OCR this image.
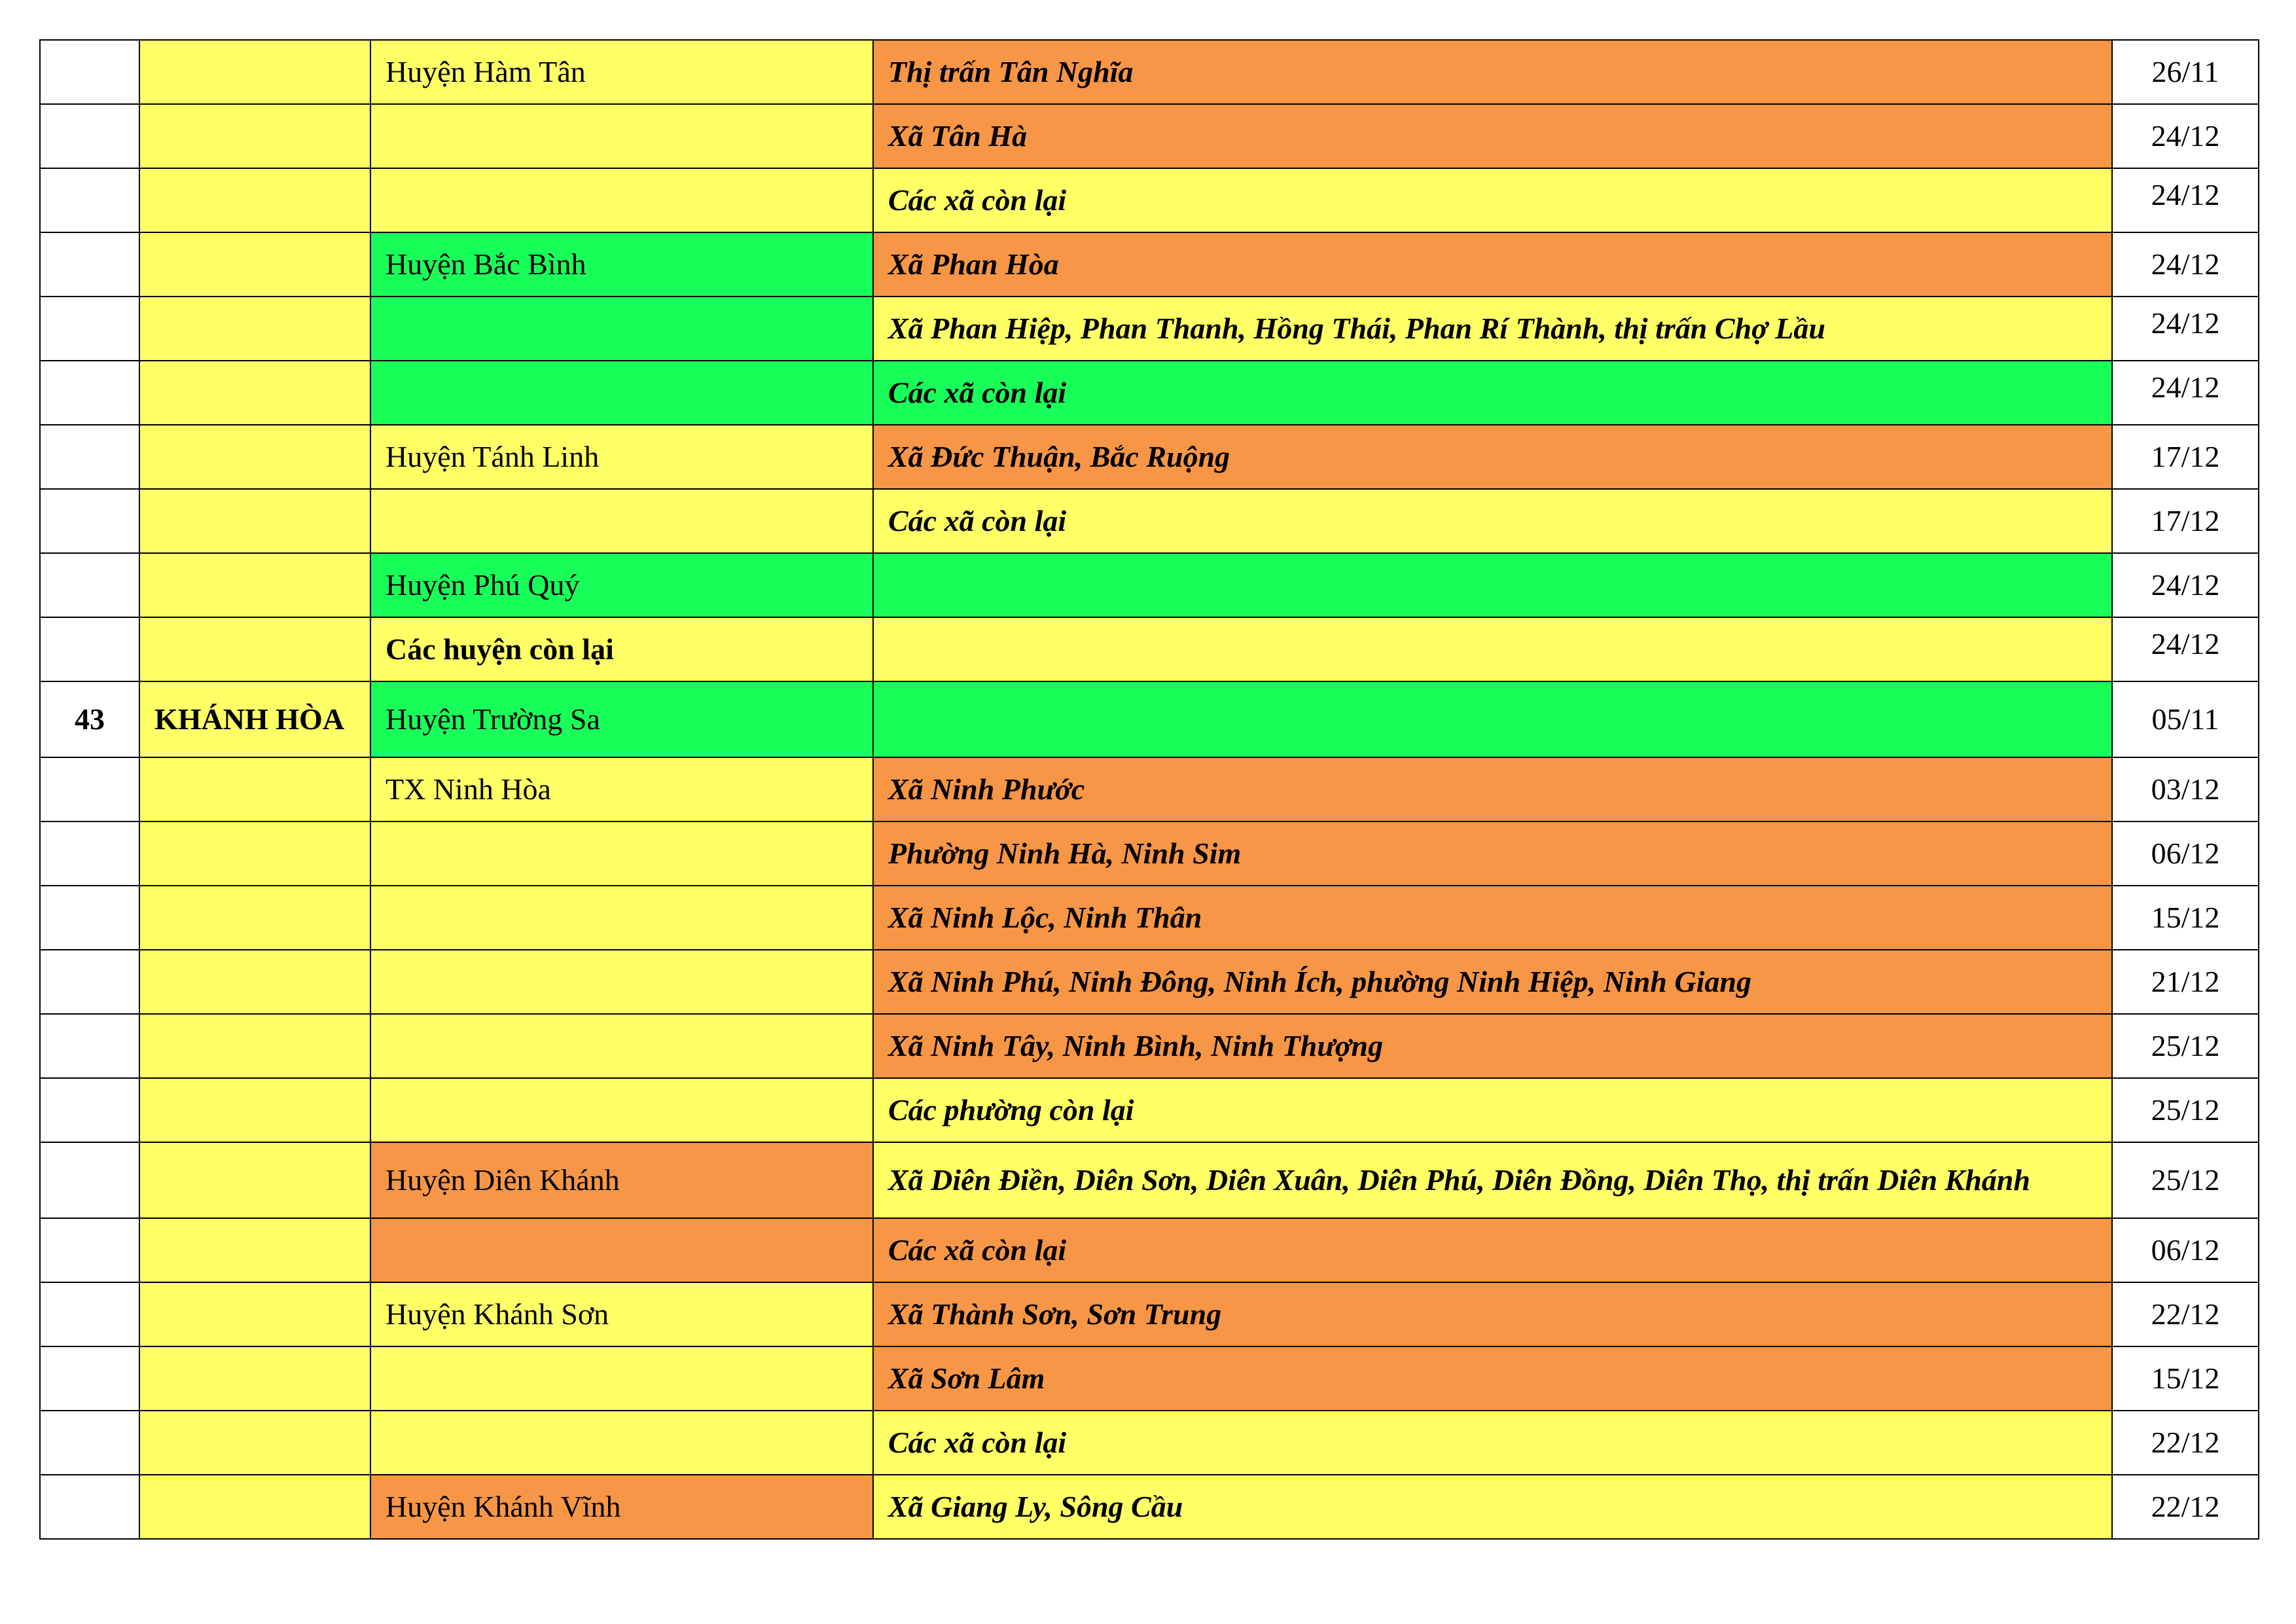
		Huyện Hàm Tân	Thị trấn Tân Nghĩa	26/11
			Xã Tân Hà	24/12
			Các xã còn lại	24/12
		Huyện Bắc Bình	Xã Phan Hòa	24/12
			Xã Phan Hiệp, Phan Thanh, Hồng Thái, Phan Rí Thành, thị trấn Chợ Lầu	24/12
			Các xã còn lại	24/12
		Huyện Tánh Linh	Xã Đức Thuận, Bắc Ruộng	17/12
			Các xã còn lại	17/12
		Huyện Phú Quý		24/12
		Các huyện còn lại		24/12
43	KHÁNH HÒA	Huyện Trường Sa		05/11
		TX Ninh Hòa	Xã Ninh Phước	03/12
			Phường Ninh Hà, Ninh Sim	06/12
			Xã Ninh Lộc, Ninh Thân	15/12
			Xã Ninh Phú, Ninh Đông, Ninh Ích, phường Ninh Hiệp, Ninh Giang	21/12
			Xã Ninh Tây, Ninh Bình, Ninh Thượng	25/12
			Các phường còn lại	25/12
		Huyện Diên Khánh	Xã Diên Điền, Diên Sơn, Diên Xuân, Diên Phú, Diên Đồng, Diên Thọ, thị trấn Diên Khánh	25/12
			Các xã còn lại	06/12
		Huyện Khánh Sơn	Xã Thành Sơn, Sơn Trung	22/12
			Xã Sơn Lâm	15/12
			Các xã còn lại	22/12
		Huyện Khánh Vĩnh	Xã Giang Ly, Sông Cầu	22/12
